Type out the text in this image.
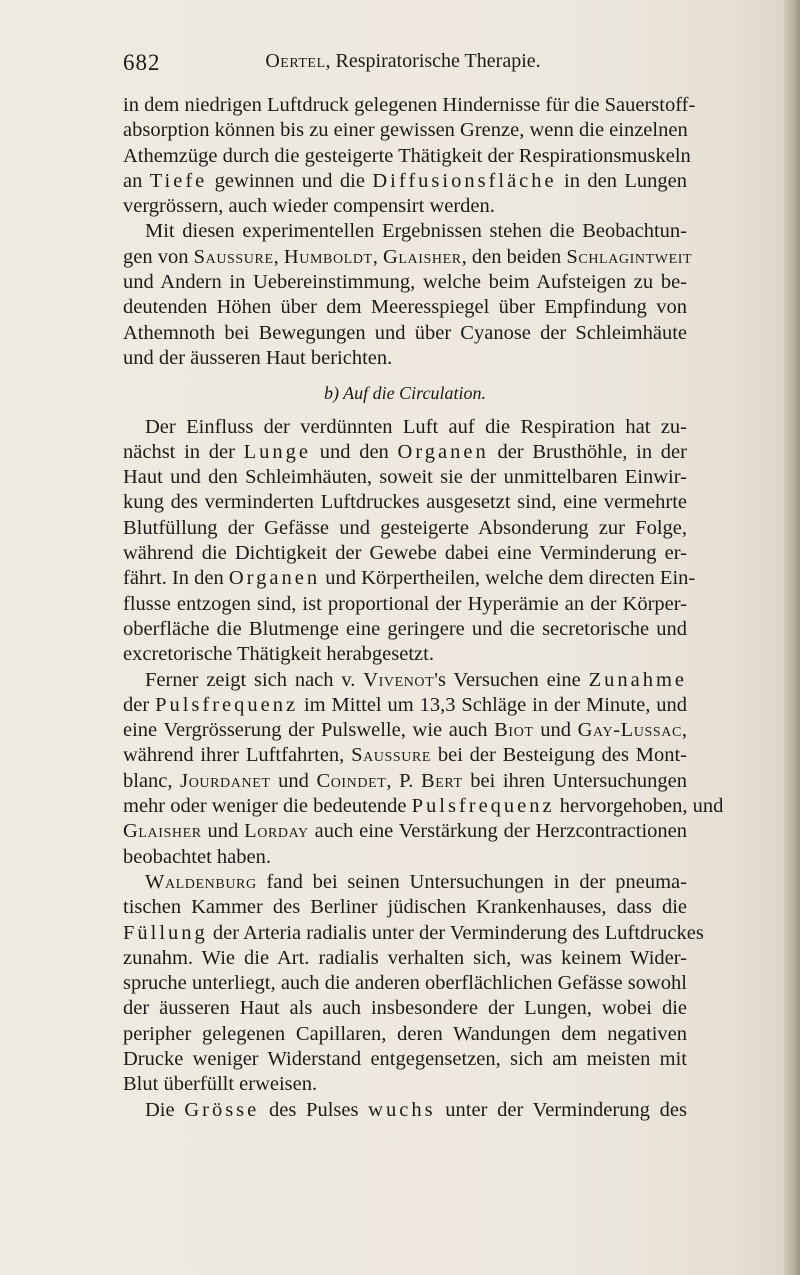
682	Oertel, Respiratorische Therapie.
in dem niedrigen Luftdruck gelegenen Hindernisse für die Sauerstoff-
absorption können bis zu einer gewissen Grenze, wenn die einzelnen
Athemzüge durch die gesteigerte Thätigkeit der Respirationsmuskeln
an Tiefe gewinnen und die Diffusionsfläche in den Lungen
vergrössern, auch wieder compensirt werden.
Mit diesen experimentellen Ergebnissen stehen die Beobachtun-
gen von Saussure, Humboldt, Glaisher, den beiden Schlagintweit
und Andern in Uebereinstimmung, welche beim Aufsteigen zu be-
deutenden Höhen über dem Meeresspiegel über Empfindung von
Athemnoth bei Bewegungen und über Cyanose der Schleimhäute
und der äusseren Haut berichten.
b) Auf die Circulation.
Der Einfluss der verdünnten Luft auf die Respiration hat zu-
nächst in der Lunge und den Organen der Brusthöhle, in der
Haut und den Schleimhäuten, soweit sie der unmittelbaren Einwir-
kung des verminderten Luftdruckes ausgesetzt sind, eine vermehrte
Blutfüllung der Gefässe und gesteigerte Absonderung zur Folge,
während die Dichtigkeit der Gewebe dabei eine Verminderung er-
fährt. In den Organen und Körpertheilen, welche dem directen Ein-
flusse entzogen sind, ist proportional der Hyperämie an der Körper-
oberfläche die Blutmenge eine geringere und die secretorische und
excretorische Thätigkeit herabgesetzt.
Ferner zeigt sich nach v. Vivenot's Versuchen eine Zunahme
der Pulsfrequenz im Mittel um 13,3 Schläge in der Minute, und
eine Vergrösserung der Pulswelle, wie auch Biot und Gay-Lussac,
während ihrer Luftfahrten, Saussure bei der Besteigung des Mont-
blanc, Jourdanet und Coindet, P. Bert bei ihren Untersuchungen
mehr oder weniger die bedeutende Pulsfrequenz hervorgehoben, und
Glaisher und Lorday auch eine Verstärkung der Herzcontractionen
beobachtet haben.
Waldenburg fand bei seinen Untersuchungen in der pneuma-
tischen Kammer des Berliner jüdischen Krankenhauses, dass die
Füllung der Arteria radialis unter der Verminderung des Luftdruckes
zunahm. Wie die Art. radialis verhalten sich, was keinem Wider-
spruche unterliegt, auch die anderen oberflächlichen Gefässe sowohl
der äusseren Haut als auch insbesondere der Lungen, wobei die
peripher gelegenen Capillaren, deren Wandungen dem negativen
Drucke weniger Widerstand entgegensetzen, sich am meisten mit
Blut überfüllt erweisen.
Die Grösse des Pulses wuchs unter der Verminderung des
